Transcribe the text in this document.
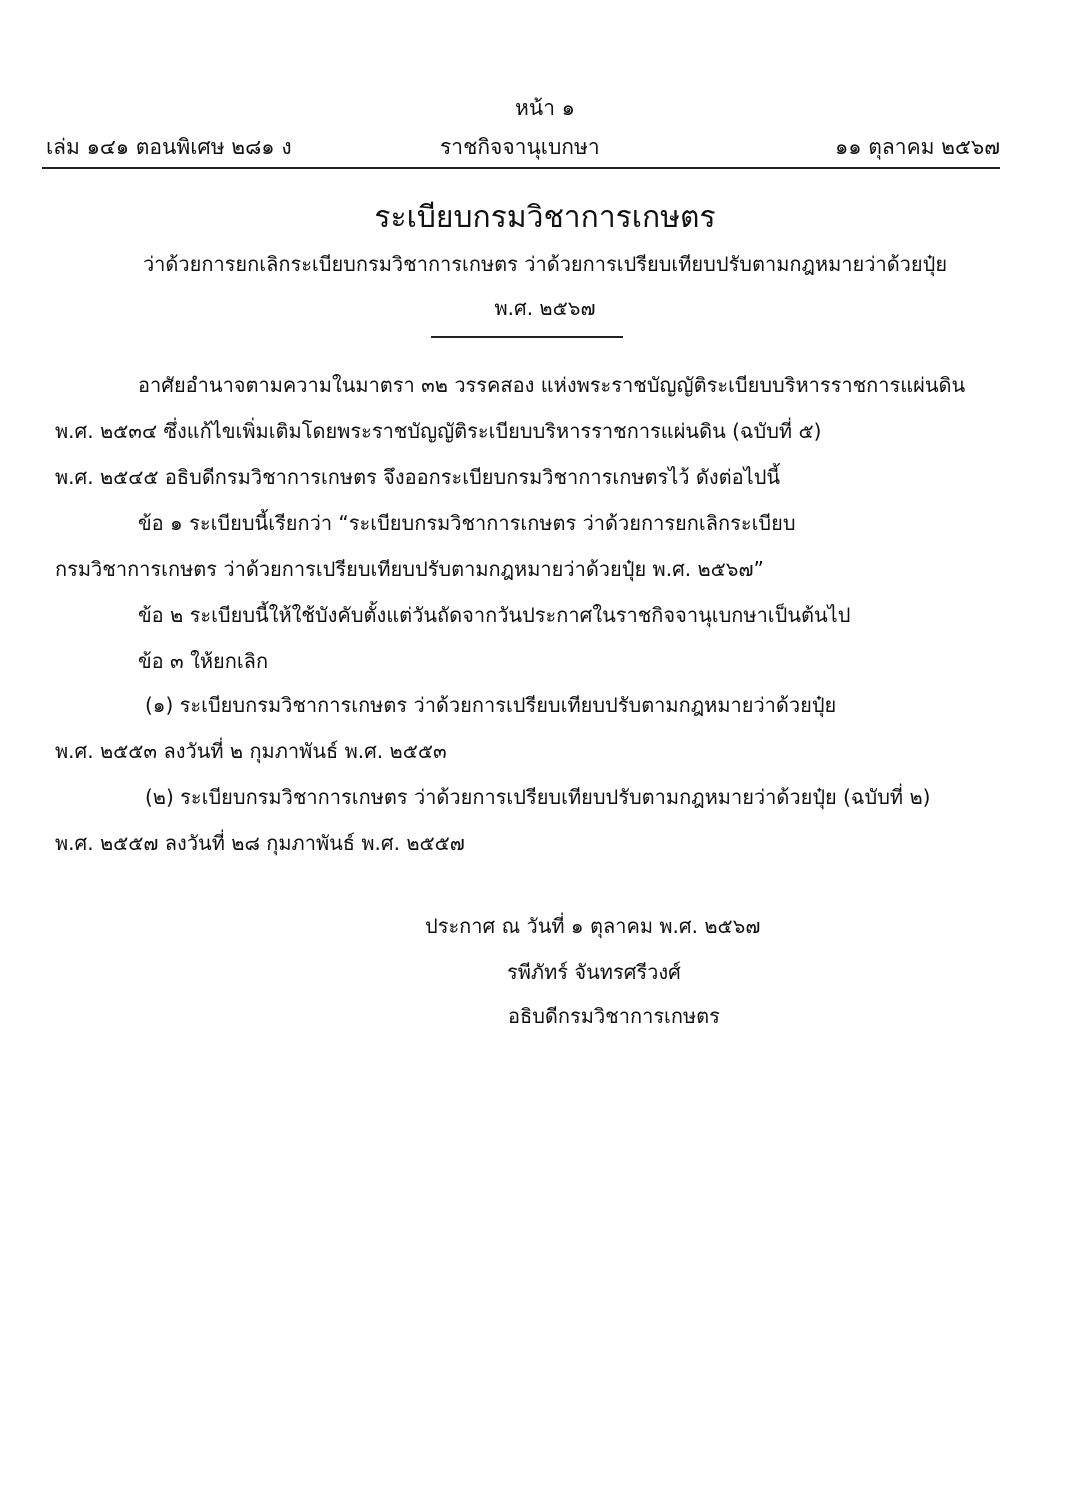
หน้า ๑
เล่ม ๑๔๑ ตอนพิเศษ ๒๘๑ ง	ราชกิจจานุเบกษา	๑๑ ตุลาคม ๒๕๖๗
ระเบียบกรมวิชาการเกษตร
ว่าด้วยการยกเลิกระเบียบกรมวิชาการเกษตร ว่าด้วยการเปรียบเทียบปรับตามกฎหมายว่าด้วยปุ๋ย
พ.ศ. ๒๕๖๗
อาศัยอำนาจตามความในมาตรา ๓๒ วรรคสอง แห่งพระราชบัญญัติระเบียบบริหารราชการแผ่นดิน
พ.ศ. ๒๕๓๔ ซึ่งแก้ไขเพิ่มเติมโดยพระราชบัญญัติระเบียบบริหารราชการแผ่นดิน (ฉบับที่ ๕)
พ.ศ. ๒๕๔๕ อธิบดีกรมวิชาการเกษตร จึงออกระเบียบกรมวิชาการเกษตรไว้ ดังต่อไปนี้
ข้อ ๑ ระเบียบนี้เรียกว่า “ระเบียบกรมวิชาการเกษตร ว่าด้วยการยกเลิกระเบียบ
กรมวิชาการเกษตร ว่าด้วยการเปรียบเทียบปรับตามกฎหมายว่าด้วยปุ๋ย พ.ศ. ๒๕๖๗”
ข้อ ๒ ระเบียบนี้ให้ใช้บังคับตั้งแต่วันถัดจากวันประกาศในราชกิจจานุเบกษาเป็นต้นไป
ข้อ ๓ ให้ยกเลิก
(๑) ระเบียบกรมวิชาการเกษตร ว่าด้วยการเปรียบเทียบปรับตามกฎหมายว่าด้วยปุ๋ย
พ.ศ. ๒๕๕๓ ลงวันที่ ๒ กุมภาพันธ์ พ.ศ. ๒๕๕๓
(๒) ระเบียบกรมวิชาการเกษตร ว่าด้วยการเปรียบเทียบปรับตามกฎหมายว่าด้วยปุ๋ย (ฉบับที่ ๒)
พ.ศ. ๒๕๕๗ ลงวันที่ ๒๘ กุมภาพันธ์ พ.ศ. ๒๕๕๗
ประกาศ ณ วันที่ ๑ ตุลาคม พ.ศ. ๒๕๖๗
รพีภัทร์ จันทรศรีวงศ์
อธิบดีกรมวิชาการเกษตร
